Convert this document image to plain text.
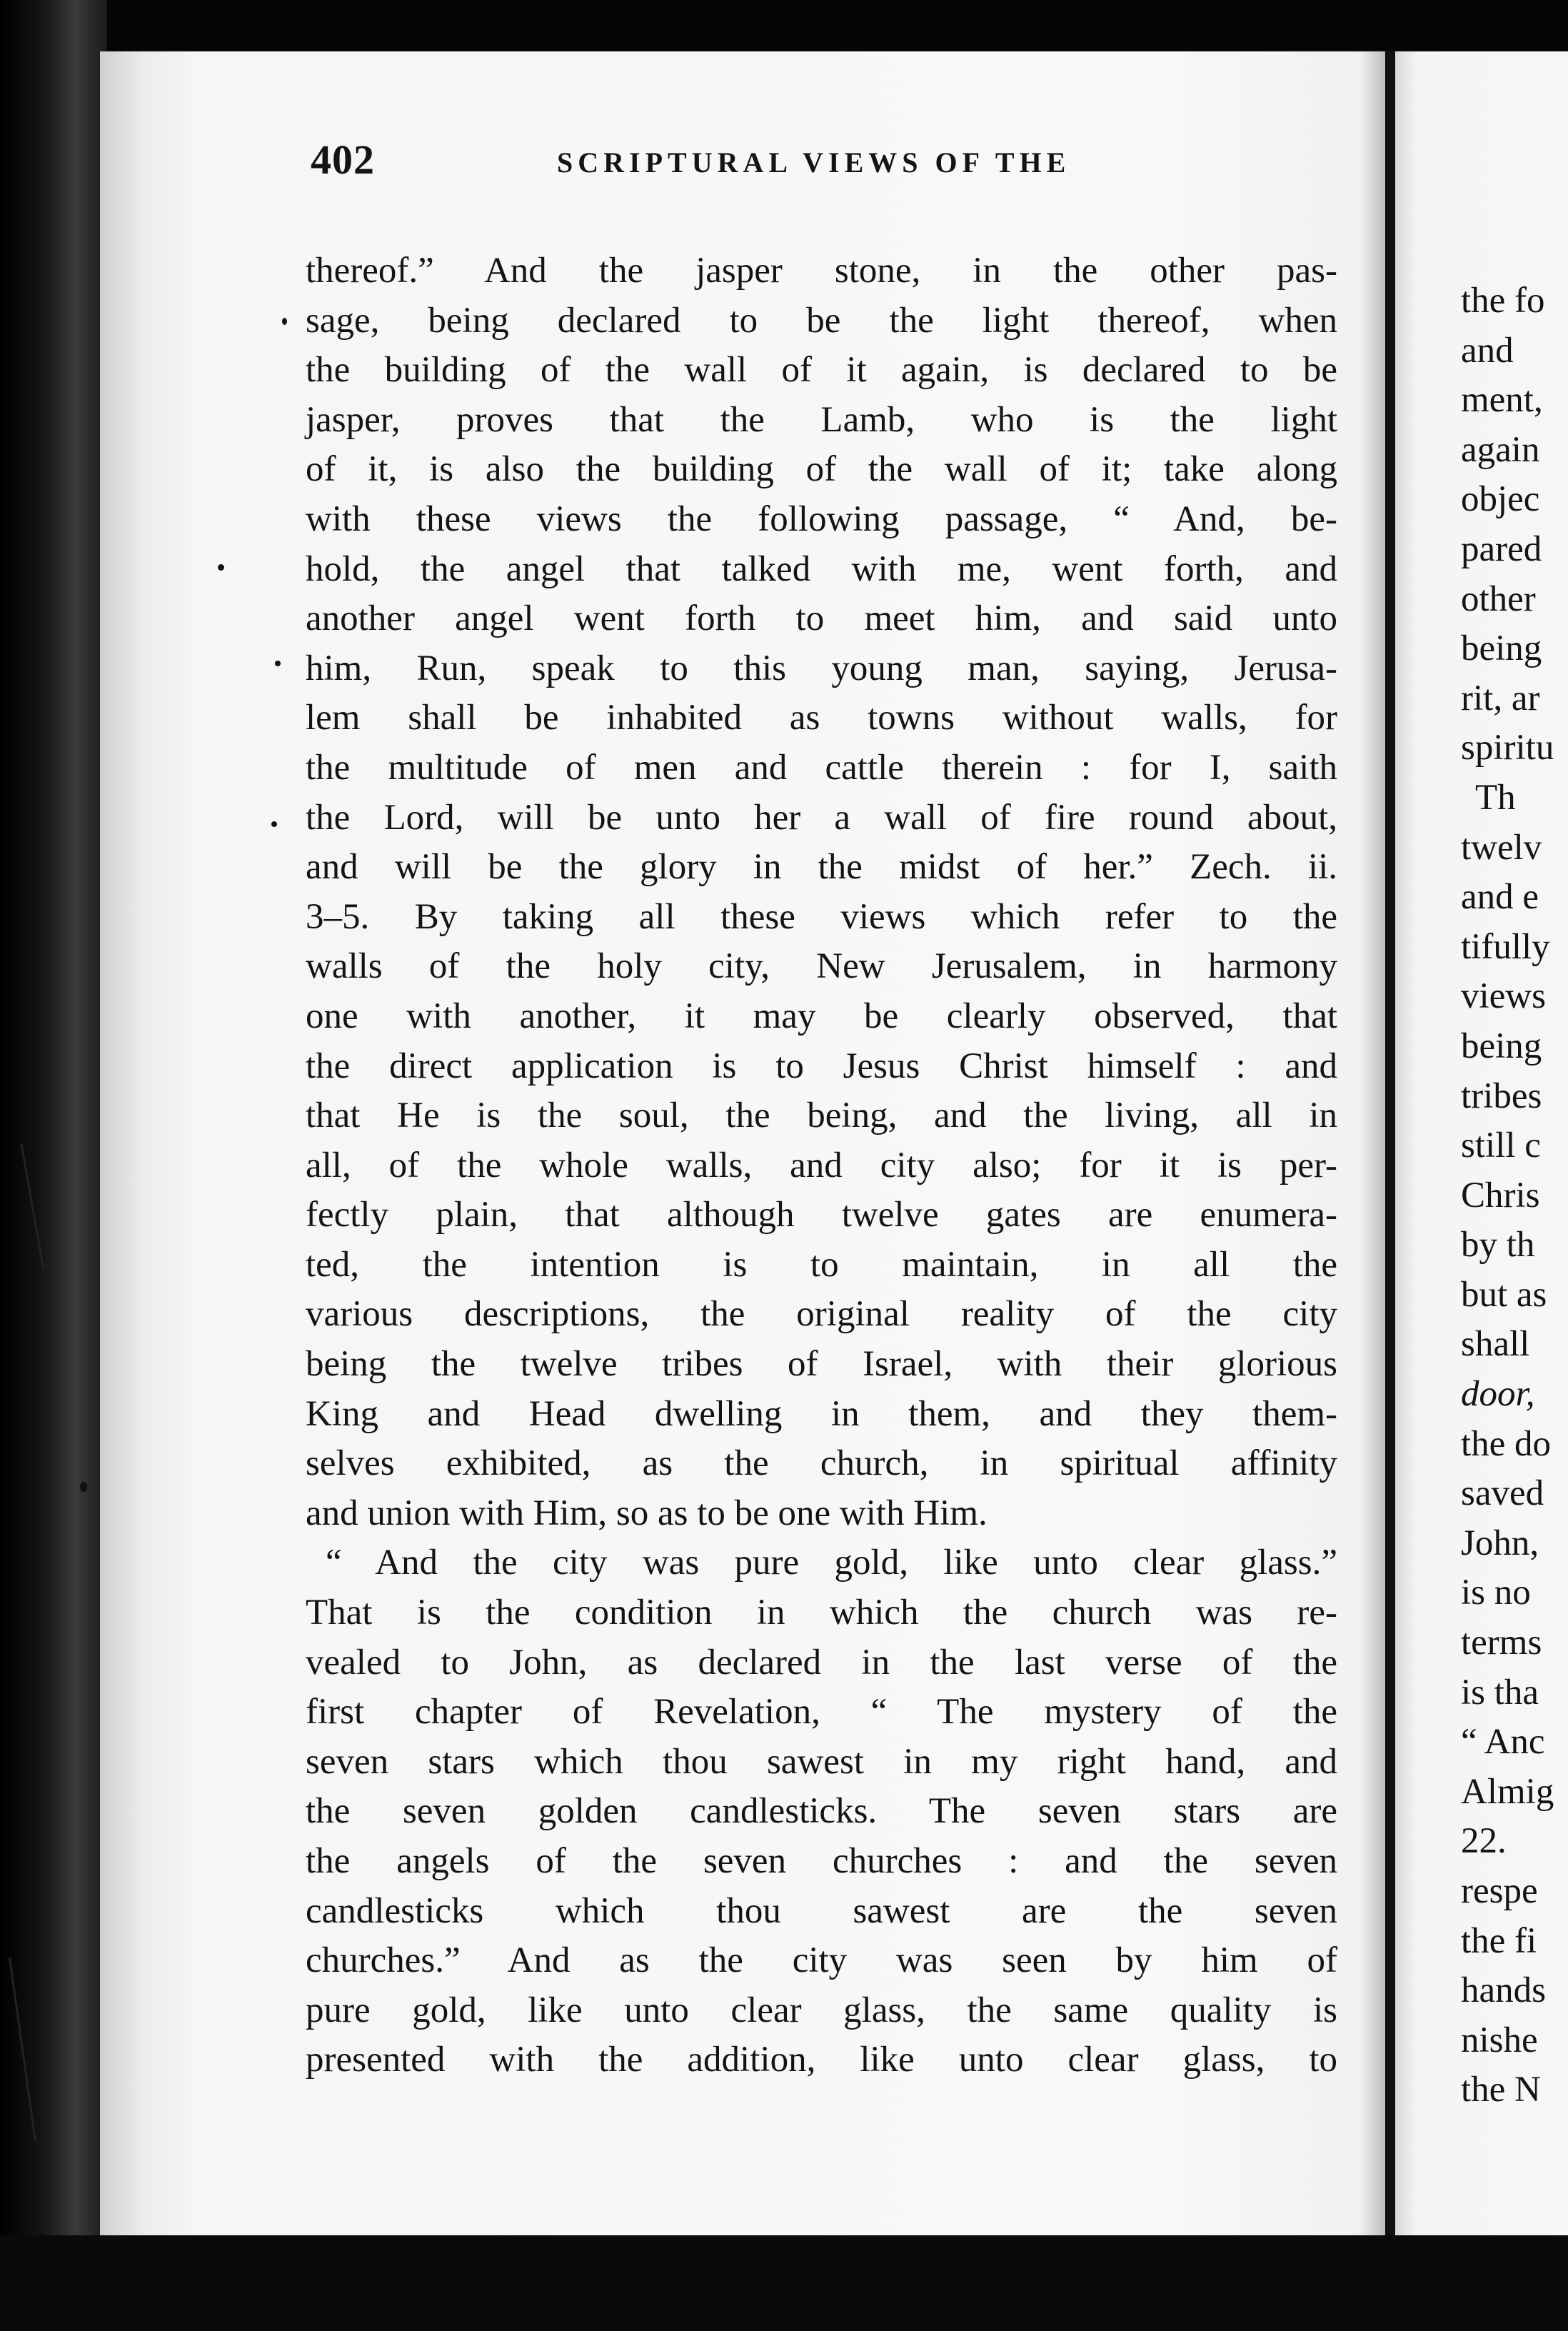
402	SCRIPTURAL VIEWS OF THE
thereof.” And the jasper stone, in the other pas-
sage, being declared to be the light thereof, when
the building of the wall of it again, is declared to be
jasper, proves that the Lamb, who is the light
of it, is also the building of the wall of it; take along
with these views the following passage, “ And, be-
hold, the angel that talked with me, went forth, and
another angel went forth to meet him, and said unto
him, Run, speak to this young man, saying, Jerusa-
lem shall be inhabited as towns without walls, for
the multitude of men and cattle therein : for I, saith
the Lord, will be unto her a wall of fire round about,
and will be the glory in the midst of her.” Zech. ii.
3–5. By taking all these views which refer to the
walls of the holy city, New Jerusalem, in harmony
one with another, it may be clearly observed, that
the direct application is to Jesus Christ himself : and
that He is the soul, the being, and the living, all in
all, of the whole walls, and city also; for it is per-
fectly plain, that although twelve gates are enumera-
ted, the intention is to maintain, in all the
various descriptions, the original reality of the city
being the twelve tribes of Israel, with their glorious
King and Head dwelling in them, and they them-
selves exhibited, as the church, in spiritual affinity
and union with Him, so as to be one with Him.
“ And the city was pure gold, like unto clear glass.”
That is the condition in which the church was re-
vealed to John, as declared in the last verse of the
first chapter of Revelation, “ The mystery of the
seven stars which thou sawest in my right hand, and
the seven golden candlesticks. The seven stars are
the angels of the seven churches : and the seven
candlesticks which thou sawest are the seven
churches.” And as the city was seen by him of
pure gold, like unto clear glass, the same quality is
presented with the addition, like unto clear glass, to
the fo
and
ment,
again
objec
pared
other
being
rit, ar
spiritu
Th
twelv
and e
tifully
views
being
tribes
still c
Chris
by th
but as
shall
door,
the do
saved
John,
is no
terms
is tha
“ Anc
Almig
22.
respe
the fi
hands
nishe
the N
